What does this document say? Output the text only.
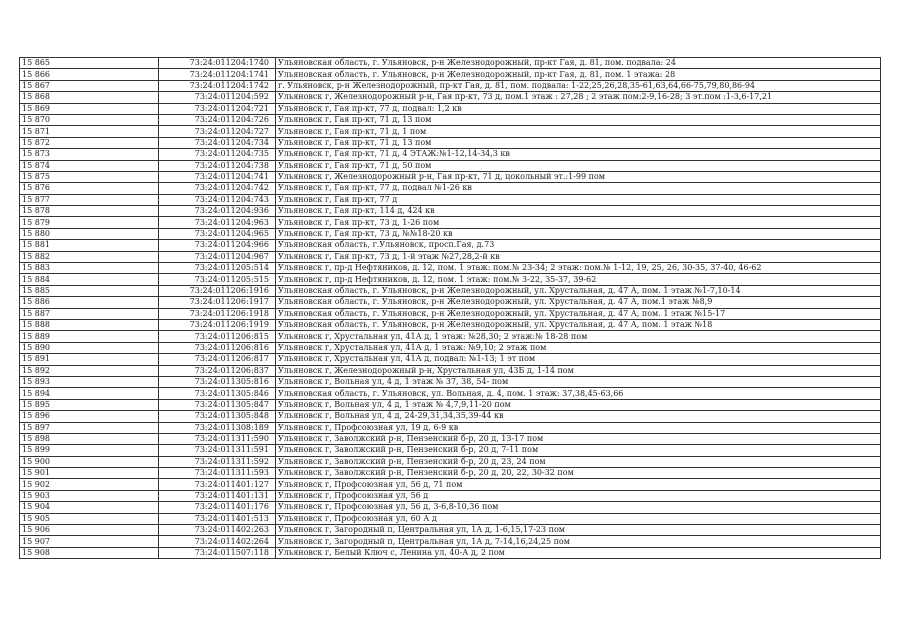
15 865	73:24:011204:1740	Ульяновская область, г. Ульяновск, р-н Железнодорожный, пр-кт Гая, д. 81, пом. подвала: 24
15 866	73:24:011204:1741	Ульяновская область, г. Ульяновск, р-н Железнодорожный, пр-кт Гая, д. 81, пом. 1 этажа: 28
15 867	73:24:011204:1742	г. Ульяновск, р-н Железнодорожный, пр-кт Гая, д. 81, пом. подвала: 1-22,25,26,28,35-61,63,64,66-75,79,80,86-94
15 868	73:24:011204:592	Ульяновск г, Железнодорожный р-н, Гая пр-кт, 73 д, пом.1 этаж : 27,28 ; 2 этаж пом:2-9,16-28; 3 эт.пом :1-3,6-17,21
15 869	73:24:011204:721	Ульяновск г, Гая пр-кт, 77 д, подвал: 1,2 кв
15 870	73:24:011204:726	Ульяновск г, Гая пр-кт, 71 д, 13 пом
15 871	73:24:011204:727	Ульяновск г, Гая пр-кт, 71 д, 1 пом
15 872	73:24:011204:734	Ульяновск г, Гая пр-кт, 71 д, 13 пом
15 873	73:24:011204:735	Ульяновск г, Гая пр-кт, 71 д, 4 ЭТАЖ:№1-12,14-34,3 кв
15 874	73:24:011204:738	Ульяновск г, Гая пр-кт, 71 д, 50 пом
15 875	73:24:011204:741	Ульяновск г, Железнодорожный р-н, Гая пр-кт, 71 д, цокольный эт.:1-99 пом
15 876	73:24:011204:742	Ульяновск г, Гая пр-кт, 77 д, подвал №1-26 кв
15 877	73:24:011204:743	Ульяновск г, Гая пр-кт, 77 д
15 878	73:24:011204:936	Ульяновск г, Гая пр-кт, 114 д, 424 кв
15 879	73:24:011204:963	Ульяновск г, Гая пр-кт, 73 д, 1-26 пом
15 880	73:24:011204:965	Ульяновск г, Гая пр-кт, 73 д, №№18-20 кв
15 881	73:24:011204:966	Ульяновская область, г.Ульяновск, просп.Гая, д.73
15 882	73:24:011204:967	Ульяновск г, Гая пр-кт, 73 д, 1-й этаж №27,28,2-й кв
15 883	73:24:011205:514	Ульяновск г, пр-д Нефтяников, д. 12, пом. 1 этаж: пом.№ 23-34; 2 этаж: пом.№ 1-12, 19, 25, 26, 30-35, 37-40, 46-62
15 884	73:24:011205:515	Ульяновск г, пр-д Нефтяников, д. 12, пом. 1 этаж: пом.№ 3-22, 35-37, 39-62
15 885	73:24:011206:1916	Ульяновская область, г. Ульяновск, р-н Железнодорожный, ул. Хрустальная, д. 47 А, пом. 1 этаж №1-7,10-14
15 886	73:24:011206:1917	Ульяновская область, г. Ульяновск, р-н Железнодорожный, ул. Хрустальная, д. 47 А, пом.1 этаж №8,9
15 887	73:24:011206:1918	Ульяновская область, г. Ульяновск, р-н Железнодорожный, ул. Хрустальная, д. 47 А, пом. 1 этаж №15-17
15 888	73:24:011206:1919	Ульяновская область, г. Ульяновск, р-н Железнодорожный, ул. Хрустальная, д. 47 А, пом. 1 этаж №18
15 889	73:24:011206:815	Ульяновск г, Хрустальная ул, 41А д, 1 этаж: №28,30; 2 этаж:№ 18-28 пом
15 890	73:24:011206:816	Ульяновск г, Хрустальная ул, 41А д, 1 этаж: №9,10; 2 этаж пом
15 891	73:24:011206:817	Ульяновск г, Хрустальная ул, 41А д, подвал: №1-13; 1 эт пом
15 892	73:24:011206:837	Ульяновск г, Железнодорожный р-н, Хрустальная ул, 43Б д, 1-14 пом
15 893	73:24:011305:816	Ульяновск г, Вольная ул, 4 д, 1 этаж № 37, 38, 54- пом
15 894	73:24:011305:846	Ульяновская область, г. Ульяновск, ул. Вольная, д. 4, пом. 1 этаж: 37,38,45-63,66
15 895	73:24:011305:847	Ульяновск г, Вольная ул, 4 д, 1 этаж № 4,7,9,11-20 пом
15 896	73:24:011305:848	Ульяновск г, Вольная ул, 4 д, 24-29,31,34,35,39-44 кв
15 897	73:24:011308:189	Ульяновск г, Профсоюзная ул, 19 д, 6-9 кв
15 898	73:24:011311:590	Ульяновск г, Заволжский р-н, Пензенский б-р, 20 д, 13-17 пом
15 899	73:24:011311:591	Ульяновск г, Заволжский р-н, Пензенский б-р, 20 д, 7-11 пом
15 900	73:24:011311:592	Ульяновск г, Заволжский р-н, Пензенский б-р, 20 д, 23, 24 пом
15 901	73:24:011311:593	Ульяновск г, Заволжский р-н, Пензенский б-р, 20 д, 20, 22, 30-32 пом
15 902	73:24:011401:127	Ульяновск г, Профсоюзная ул, 56 д, 71 пом
15 903	73:24:011401:131	Ульяновск г, Профсоюзная ул, 56 д
15 904	73:24:011401:176	Ульяновск г, Профсоюзная ул, 56 д, 3-6,8-10,36 пом
15 905	73:24:011401:513	Ульяновск г, Профсоюзная ул, 60 А д
15 906	73:24:011402:263	Ульяновск г, Загородный п, Центральная ул, 1А д, 1-6,15,17-23 пом
15 907	73:24:011402:264	Ульяновск г, Загородный п, Центральная ул, 1А д, 7-14,16,24,25 пом
15 908	73:24:011507:118	Ульяновск г, Белый Ключ с, Ленина ул, 40-А д, 2 пом
